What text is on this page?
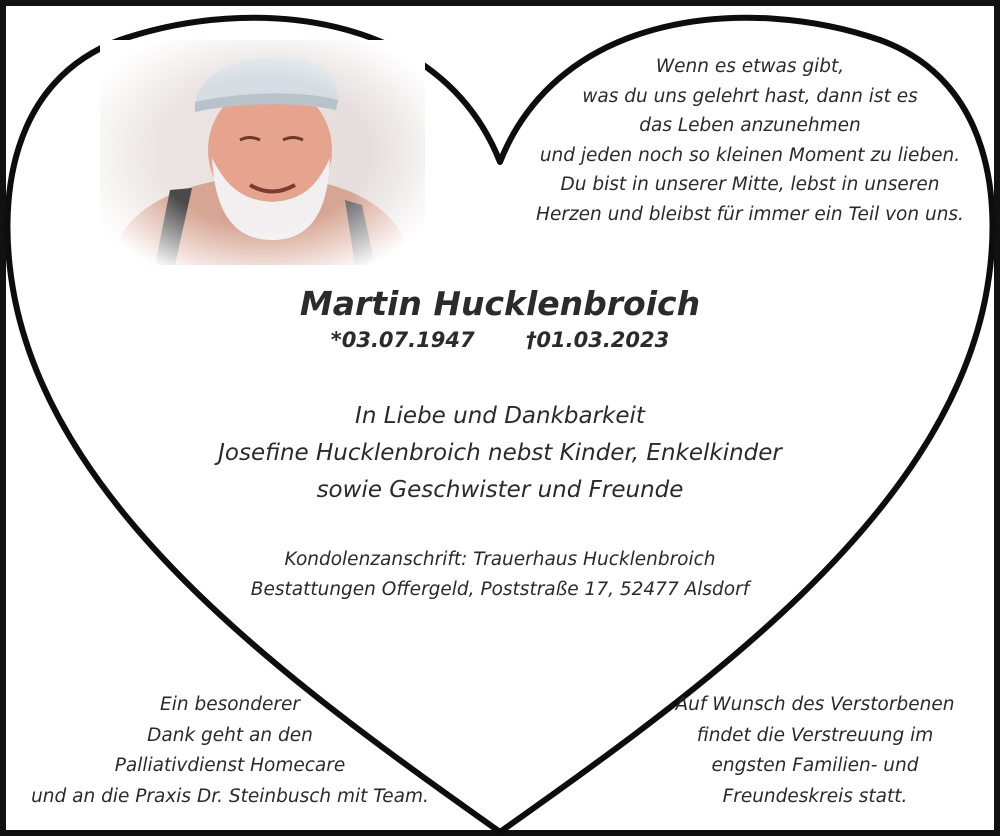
Wenn es etwas gibt,
was du uns gelehrt hast, dann ist es
das Leben anzunehmen
und jeden noch so kleinen Moment zu lieben.
Du bist in unserer Mitte, lebst in unseren
Herzen und bleibst für immer ein Teil von uns.
Martin Hucklenbroich
*03.07.1947 †01.03.2023
In Liebe und Dankbarkeit
Josefine Hucklenbroich nebst Kinder, Enkelkinder
sowie Geschwister und Freunde
Kondolenzanschrift: Trauerhaus Hucklenbroich
Bestattungen Offergeld, Poststraße 17, 52477 Alsdorf
Ein besonderer
Dank geht an den
Palliativdienst Homecare
und an die Praxis Dr. Steinbusch mit Team.
Auf Wunsch des Verstorbenen
findet die Verstreuung im
engsten Familien- und
Freundeskreis statt.
